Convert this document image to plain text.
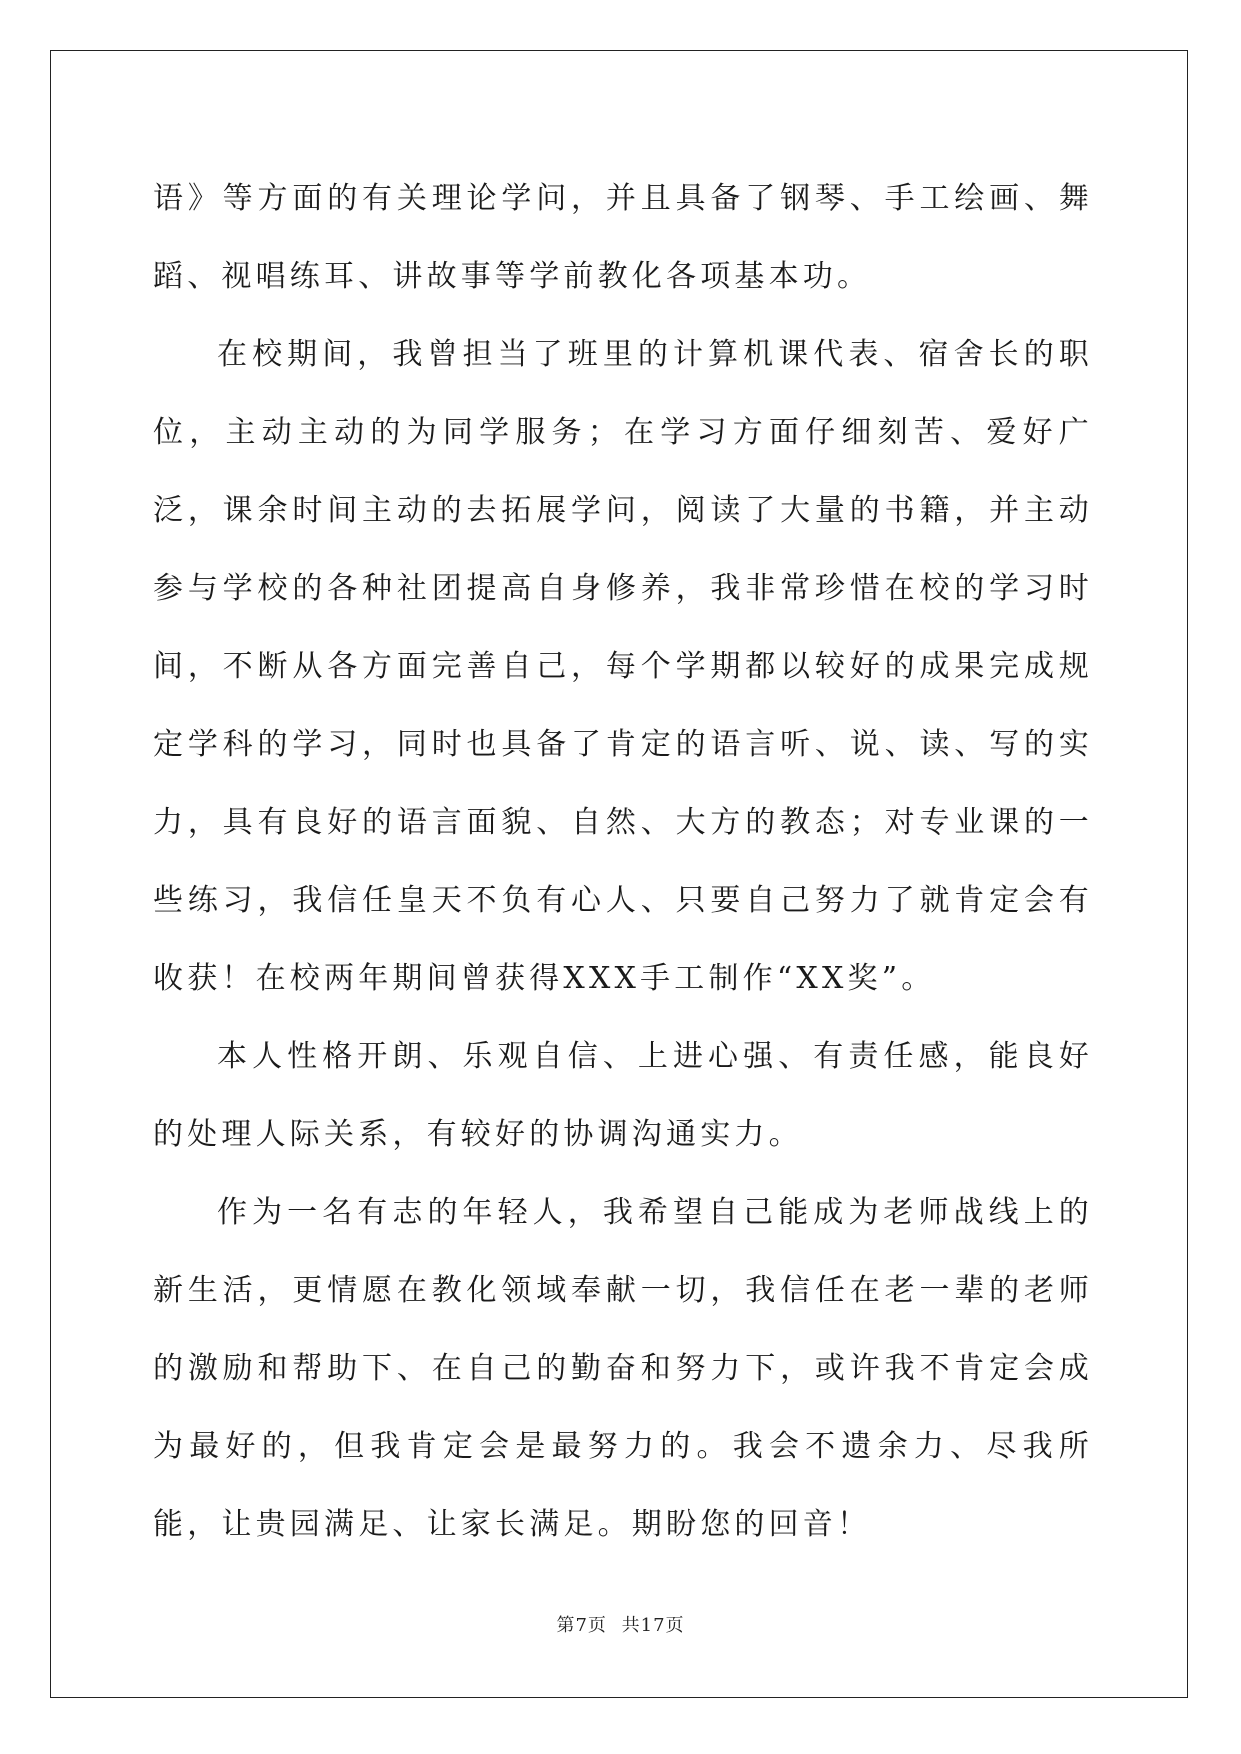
语》等方面的有关理论学问，并且具备了钢琴、手工绘画、舞蹈、视唱练耳、讲故事等学前教化各项基本功。

在校期间，我曾担当了班里的计算机课代表、宿舍长的职位，主动主动的为同学服务；在学习方面仔细刻苦、爱好广泛，课余时间主动的去拓展学问，阅读了大量的书籍，并主动参与学校的各种社团提高自身修养，我非常珍惜在校的学习时间，不断从各方面完善自己，每个学期都以较好的成果完成规定学科的学习，同时也具备了肯定的语言听、说、读、写的实力，具有良好的语言面貌、自然、大方的教态；对专业课的一些练习，我信任皇天不负有心人、只要自己努力了就肯定会有收获！在校两年期间曾获得XXX手工制作“XX奖”。

本人性格开朗、乐观自信、上进心强、有责任感，能良好的处理人际关系，有较好的协调沟通实力。

作为一名有志的年轻人，我希望自己能成为老师战线上的新生活，更情愿在教化领域奉献一切，我信任在老一辈的老师的激励和帮助下、在自己的勤奋和努力下，或许我不肯定会成为最好的，但我肯定会是最努力的。我会不遗余力、尽我所能，让贵园满足、让家长满足。期盼您的回音！

第7页 共17页
